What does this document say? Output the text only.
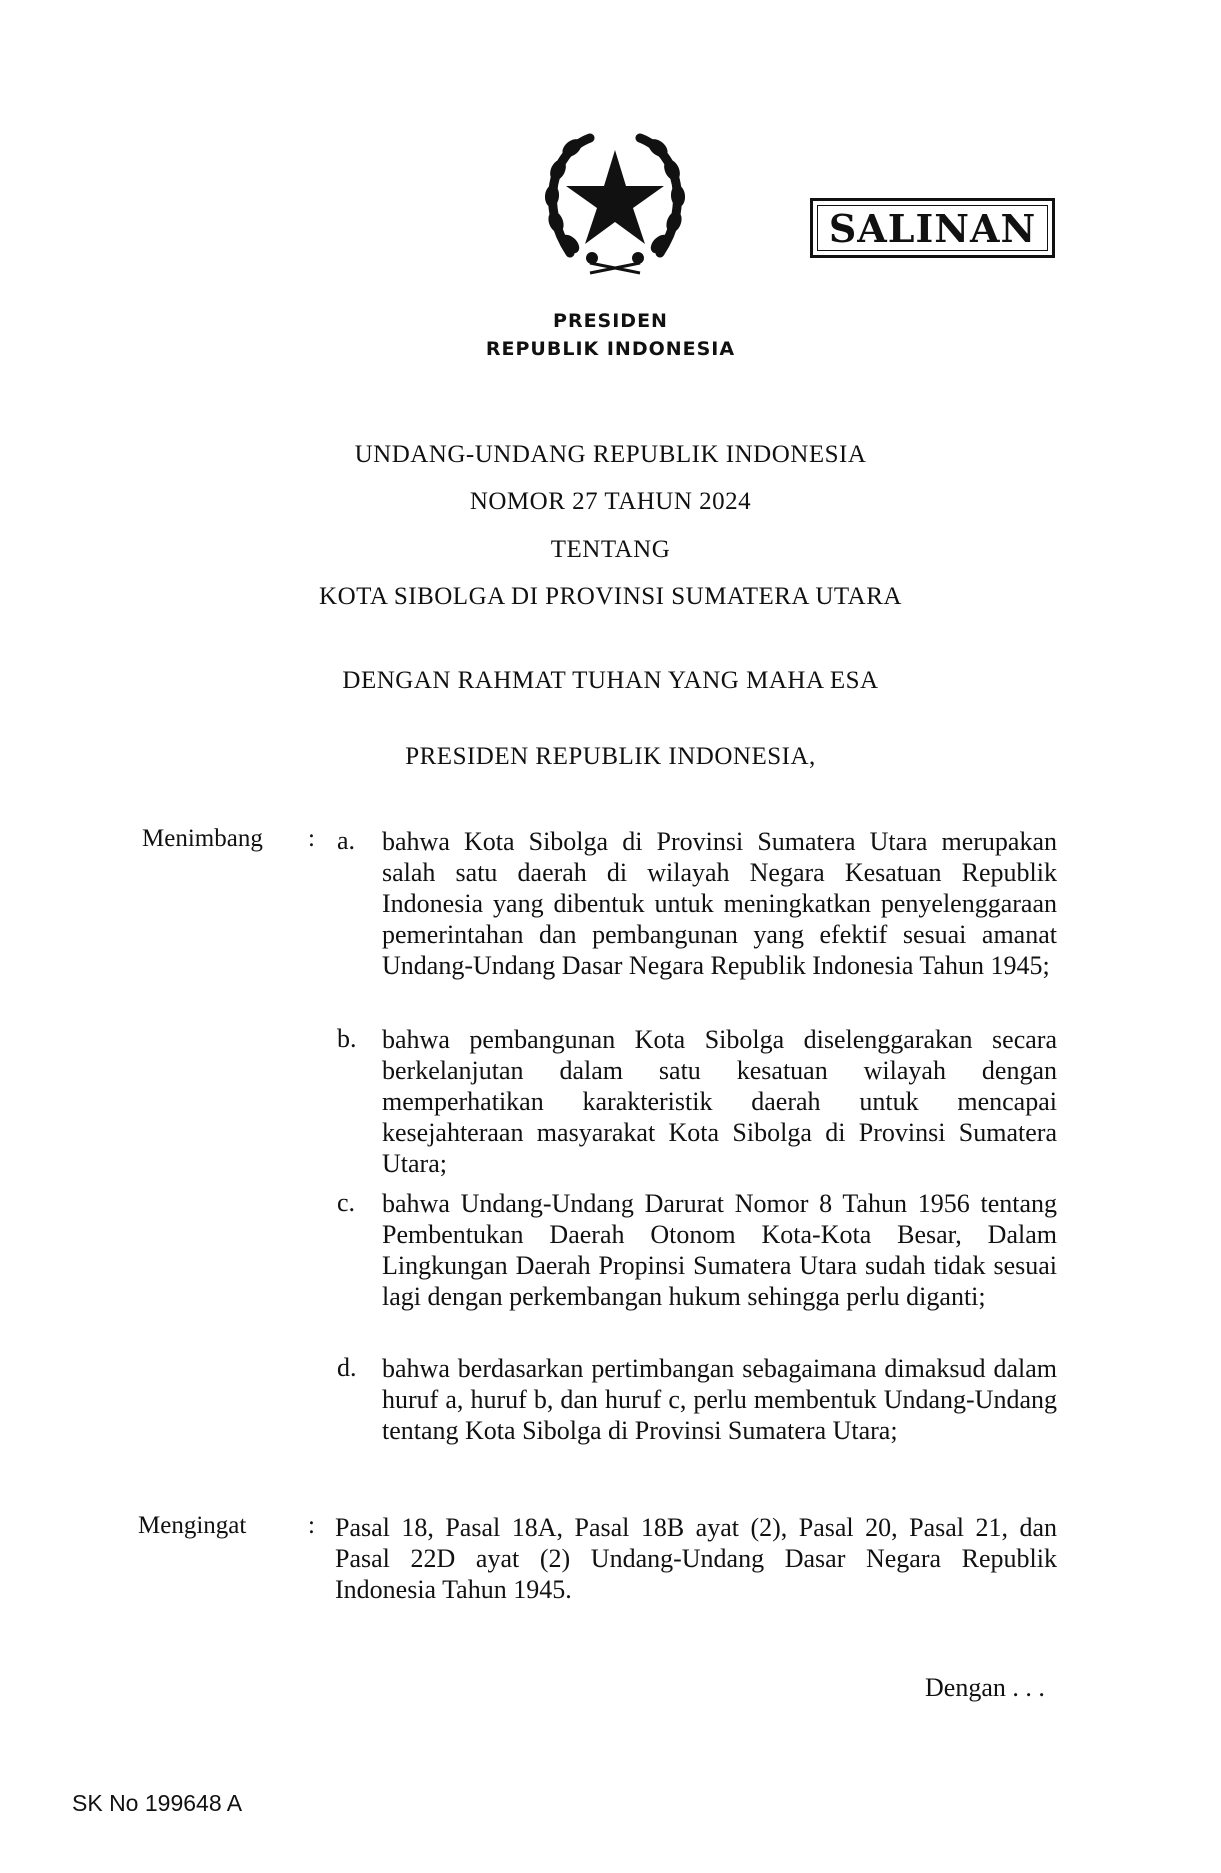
SALINAN
PRESIDEN
REPUBLIK INDONESIA
UNDANG-UNDANG REPUBLIK INDONESIA
NOMOR 27 TAHUN 2024
TENTANG
KOTA SIBOLGA DI PROVINSI SUMATERA UTARA
DENGAN RAHMAT TUHAN YANG MAHA ESA
PRESIDEN REPUBLIK INDONESIA,
Menimbang : a. bahwa Kota Sibolga di Provinsi Sumatera Utara merupakan salah satu daerah di wilayah Negara Kesatuan Republik Indonesia yang dibentuk untuk meningkatkan penyelenggaraan pemerintahan dan pembangunan yang efektif sesuai amanat Undang-Undang Dasar Negara Republik Indonesia Tahun 1945;
b. bahwa pembangunan Kota Sibolga diselenggarakan secara berkelanjutan dalam satu kesatuan wilayah dengan memperhatikan karakteristik daerah untuk mencapai kesejahteraan masyarakat Kota Sibolga di Provinsi Sumatera Utara;
c. bahwa Undang-Undang Darurat Nomor 8 Tahun 1956 tentang Pembentukan Daerah Otonom Kota-Kota Besar, Dalam Lingkungan Daerah Propinsi Sumatera Utara sudah tidak sesuai lagi dengan perkembangan hukum sehingga perlu diganti;
d. bahwa berdasarkan pertimbangan sebagaimana dimaksud dalam huruf a, huruf b, dan huruf c, perlu membentuk Undang-Undang tentang Kota Sibolga di Provinsi Sumatera Utara;
Mengingat : Pasal 18, Pasal 18A, Pasal 18B ayat (2), Pasal 20, Pasal 21, dan Pasal 22D ayat (2) Undang-Undang Dasar Negara Republik Indonesia Tahun 1945.
Dengan . . .
SK No 199648 A
